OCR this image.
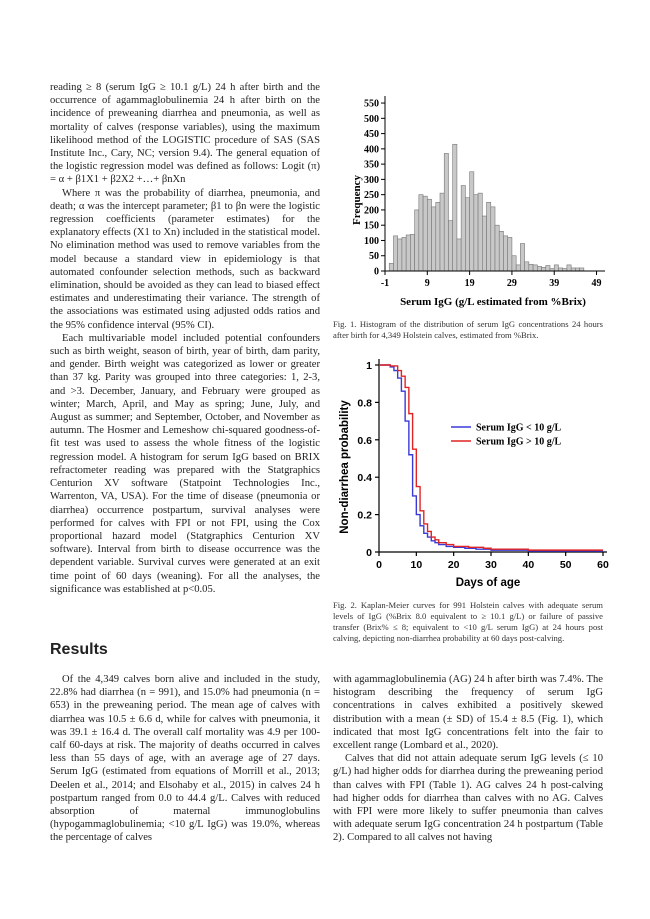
reading ≥ 8 (serum IgG ≥ 10.1 g/L) 24 h after birth and the occurrence of agammaglobulinemia 24 h after birth on the incidence of preweaning diarrhea and pneumonia, as well as mortality of calves (response variables), using the maximum likelihood method of the LOGISTIC procedure of SAS (SAS Institute Inc., Cary, NC; version 9.4). The general equation of the logistic regression model was defined as follows: Logit (π) = α + β1X1 + β2X2 +…+ βnXn

Where π was the probability of diarrhea, pneumonia, and death; α was the intercept parameter; β1 to βn were the logistic regression coefficients (parameter estimates) for the explanatory effects (X1 to Xn) included in the statistical model. No elimination method was used to remove variables from the model because a standard view in epidemiology is that automated confounder selection methods, such as backward elimination, should be avoided as they can lead to biased effect estimates and underestimating their variance. The strength of the associations was estimated using adjusted odds ratios and the 95% confidence interval (95% CI).

Each multivariable model included potential confounders such as birth weight, season of birth, year of birth, dam parity, and gender. Birth weight was categorized as lower or greater than 37 kg. Parity was grouped into three categories: 1, 2-3, and >3. December, January, and February were grouped as winter; March, April, and May as spring; June, July, and August as summer; and September, October, and November as autumn. The Hosmer and Lemeshow chi-squared goodness-of-fit test was used to assess the whole fitness of the logistic regression model. A histogram for serum IgG based on BRIX refractometer reading was prepared with the Statgraphics Centurion XV software (Statpoint Technologies Inc., Warrenton, VA, USA). For the time of disease (pneumonia or diarrhea) occurrence postpartum, survival analyses were performed for calves with FPI or not FPI, using the Cox proportional hazard model (Statgraphics Centurion XV software). Interval from birth to disease occurrence was the dependent variable. Survival curves were generated at an exit time point of 60 days (weaning). For all the analyses, the significance was established at p<0.05.

0
50
100
150
200
250
300
350
400
450
500
550
-1	9	19	29	39	49
Frequency
Serum IgG (g/L estimated from %Brix)
Fig. 1. Histogram of the distribution of serum IgG concentrations 24 hours after birth for 4,349 Holstein calves, estimated from %Brix.
0
0.2
0.4
0.6
0.8
1
0	10 20 30 40 50 60
Serum IgG < 10 g/L
Serum IgG > 10 g/L
Non-diarrhea probability
Days of age
Fig. 2. Kaplan-Meier curves for 991 Holstein calves with adequate serum levels of IgG (%Brix 8.0 equivalent to ≥ 10.1 g/L) or failure of passive transfer (Brix% ≤ 8; equivalent to <10 g/L serum IgG) at 24 hours post calving, depicting non-diarrhea probability at 60 days post-calving.
Results

Of the 4,349 calves born alive and included in the study, 22.8% had diarrhea (n = 991), and 15.0% had pneumonia (n = 653) in the preweaning period. The mean age of calves with diarrhea was 10.5 ± 6.6 d, while for calves with pneumonia, it was 39.1 ± 16.4 d. The overall calf mortality was 4.9 per 100-calf 60-days at risk. The majority of deaths occurred in calves less than 55 days of age, with an average age of 27 days. Serum IgG (estimated from equations of Morrill et al., 2013; Deelen et al., 2014; and Elsohaby et al., 2015) in calves 24 h postpartum ranged from 0.0 to 44.4 g/L. Calves with reduced absorption of maternal immunoglobulins (hypogammaglobulinemia; <10 g/L IgG) was 19.0%, whereas the percentage of calves

with agammaglobulinemia (AG) 24 h after birth was 7.4%. The histogram describing the frequency of serum IgG concentrations in calves exhibited a positively skewed distribution with a mean (± SD) of 15.4 ± 8.5 (Fig. 1), which indicated that most IgG concentrations felt into the fair to excellent range (Lombard et al., 2020).

Calves that did not attain adequate serum IgG levels (≤ 10 g/L) had higher odds for diarrhea during the preweaning period than calves with FPI (Table 1). AG calves 24 h post-calving had higher odds for diarrhea than calves with no AG. Calves with FPI were more likely to suffer pneumonia than calves with adequate serum IgG concentration 24 h postpartum (Table 2). Compared to all calves not having
